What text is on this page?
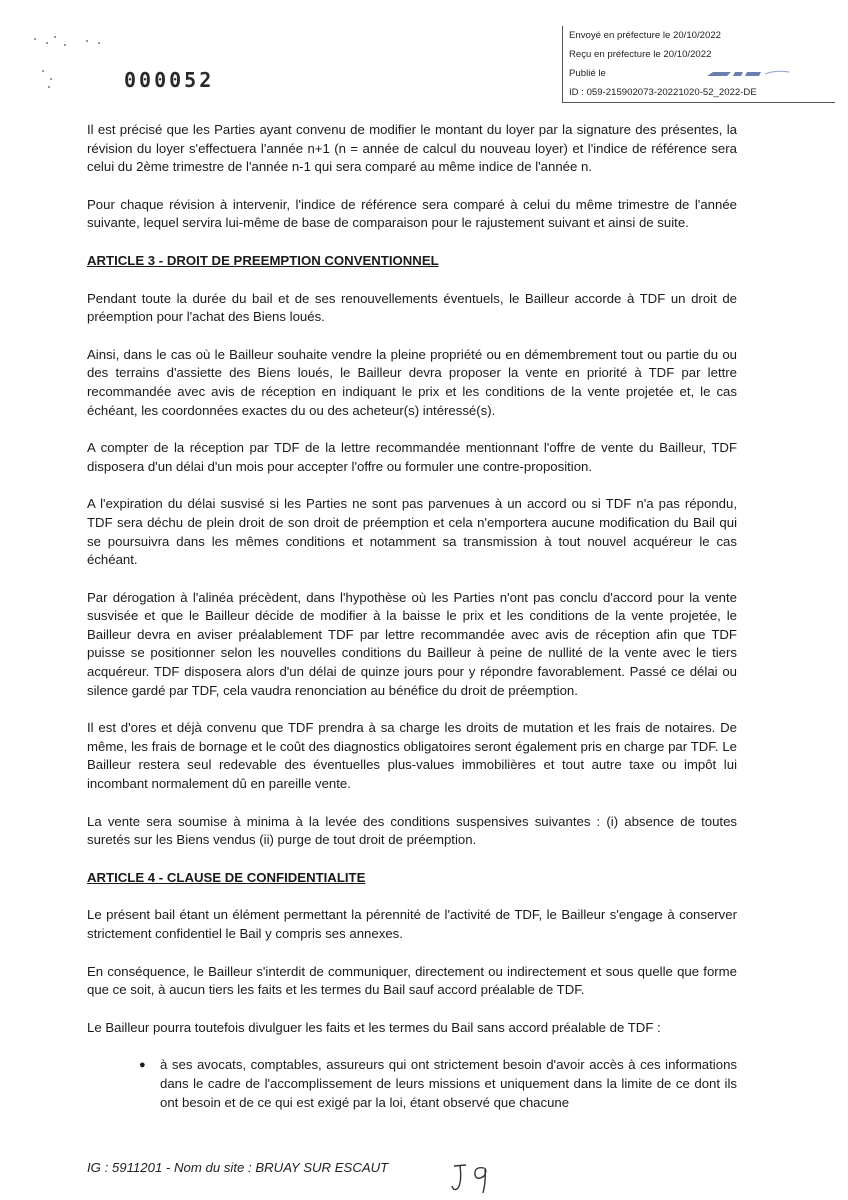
000052
Envoyé en préfecture le 20/10/2022
Reçu en préfecture le 20/10/2022
Publié le
ID : 059-215902073-20221020-52_2022-DE

Il est précisé que les Parties ayant convenu de modifier le montant du loyer par la signature des présentes, la révision du loyer s'effectuera l'année n+1 (n = année de calcul du nouveau loyer) et l'indice de référence sera celui du 2ème trimestre de l'année n-1 qui sera comparé au même indice de l'année n.

Pour chaque révision à intervenir, l'indice de référence sera comparé à celui du même trimestre de l'année suivante, lequel servira lui-même de base de comparaison pour le rajustement suivant et ainsi de suite.

ARTICLE 3 - DROIT DE PREEMPTION CONVENTIONNEL

Pendant toute la durée du bail et de ses renouvellements éventuels, le Bailleur accorde à TDF un droit de préemption pour l'achat des Biens loués.

Ainsi, dans le cas où le Bailleur souhaite vendre la pleine propriété ou en démembrement tout ou partie du ou des terrains d'assiette des Biens loués, le Bailleur devra proposer la vente en priorité à TDF par lettre recommandée avec avis de réception en indiquant le prix et les conditions de la vente projetée et, le cas échéant, les coordonnées exactes du ou des acheteur(s) intéressé(s).

A compter de la réception par TDF de la lettre recommandée mentionnant l'offre de vente du Bailleur, TDF disposera d'un délai d'un mois pour accepter l'offre ou formuler une contre-proposition.

A l'expiration du délai susvisé si les Parties ne sont pas parvenues à un accord ou si TDF n'a pas répondu, TDF sera déchu de plein droit de son droit de préemption et cela n'emportera aucune modification du Bail qui se poursuivra dans les mêmes conditions et notamment sa transmission à tout nouvel acquéreur le cas échéant.

Par dérogation à l'alinéa précèdent, dans l'hypothèse où les Parties n'ont pas conclu d'accord pour la vente susvisée et que le Bailleur décide de modifier à la baisse le prix et les conditions de la vente projetée, le Bailleur devra en aviser préalablement TDF par lettre recommandée avec avis de réception afin que TDF puisse se positionner selon les nouvelles conditions du Bailleur à peine de nullité de la vente avec le tiers acquéreur. TDF disposera alors d'un délai de quinze jours pour y répondre favorablement. Passé ce délai ou silence gardé par TDF, cela vaudra renonciation au bénéfice du droit de préemption.

Il est d'ores et déjà convenu que TDF prendra à sa charge les droits de mutation et les frais de notaires. De même, les frais de bornage et le coût des diagnostics obligatoires seront également pris en charge par TDF. Le Bailleur restera seul redevable des éventuelles plus-values immobilières et tout autre taxe ou impôt lui incombant normalement dû en pareille vente.

La vente sera soumise à minima à la levée des conditions suspensives suivantes : (i) absence de toutes suretés sur les Biens vendus (ii) purge de tout droit de préemption.

ARTICLE 4 - CLAUSE DE CONFIDENTIALITE

Le présent bail étant un élément permettant la pérennité de l'activité de TDF, le Bailleur s'engage à conserver strictement confidentiel le Bail y compris ses annexes.

En conséquence, le Bailleur s'interdit de communiquer, directement ou indirectement et sous quelle que forme que ce soit, à aucun tiers les faits et les termes du Bail sauf accord préalable de TDF.

Le Bailleur pourra toutefois divulguer les faits et les termes du Bail sans accord préalable de TDF :

● à ses avocats, comptables, assureurs qui ont strictement besoin d'avoir accès à ces informations dans le cadre de l'accomplissement de leurs missions et uniquement dans la limite de ce dont ils ont besoin et de ce qui est exigé par la loi, étant observé que chacune
IG : 5911201 - Nom du site : BRUAY SUR ESCAUT
